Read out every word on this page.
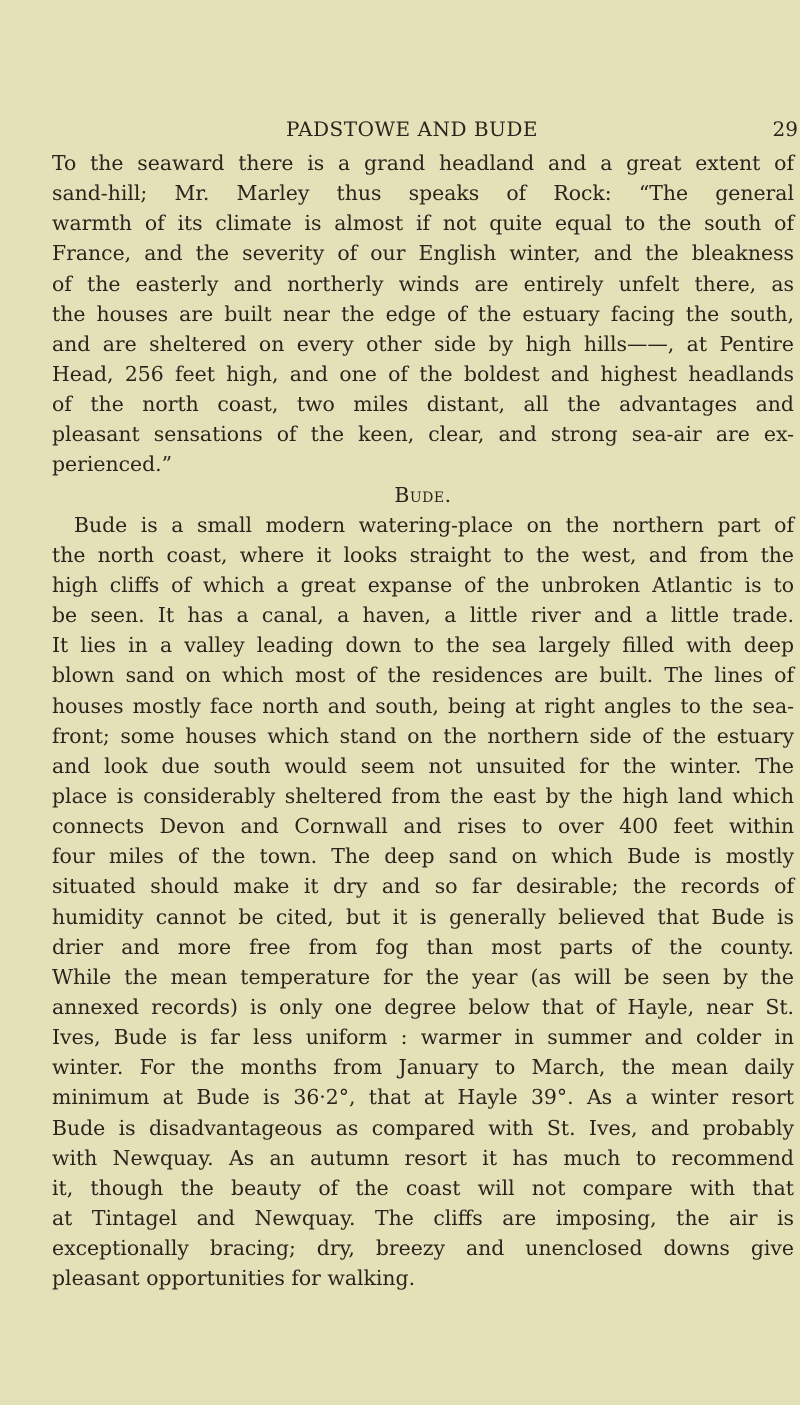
PADSTOWE AND BUDE	29
To the seaward there is a grand headland and a great extent of
sand-hill; Mr. Marley thus speaks of Rock: “The general
warmth of its climate is almost if not quite equal to the south of
France, and the severity of our English winter, and the bleakness
of the easterly and northerly winds are entirely unfelt there, as
the houses are built near the edge of the estuary facing the south,
and are sheltered on every other side by high hills——, at Pentire
Head, 256 feet high, and one of the boldest and highest headlands
of the north coast, two miles distant, all the advantages and
pleasant sensations of the keen, clear, and strong sea-air are ex-
perienced.”
Bude.
Bude is a small modern watering-place on the northern part of
the north coast, where it looks straight to the west, and from the
high cliffs of which a great expanse of the unbroken Atlantic is to
be seen. It has a canal, a haven, a little river and a little trade.
It lies in a valley leading down to the sea largely filled with deep
blown sand on which most of the residences are built. The lines of
houses mostly face north and south, being at right angles to the sea-
front; some houses which stand on the northern side of the estuary
and look due south would seem not unsuited for the winter. The
place is considerably sheltered from the east by the high land which
connects Devon and Cornwall and rises to over 400 feet within
four miles of the town. The deep sand on which Bude is mostly
situated should make it dry and so far desirable; the records of
humidity cannot be cited, but it is generally believed that Bude is
drier and more free from fog than most parts of the county.
While the mean temperature for the year (as will be seen by the
annexed records) is only one degree below that of Hayle, near St.
Ives, Bude is far less uniform : warmer in summer and colder in
winter. For the months from January to March, the mean daily
minimum at Bude is 36·2°, that at Hayle 39°. As a winter resort
Bude is disadvantageous as compared with St. Ives, and probably
with Newquay. As an autumn resort it has much to recommend
it, though the beauty of the coast will not compare with that
at Tintagel and Newquay. The cliffs are imposing, the air is
exceptionally bracing; dry, breezy and unenclosed downs give
pleasant opportunities for walking.
